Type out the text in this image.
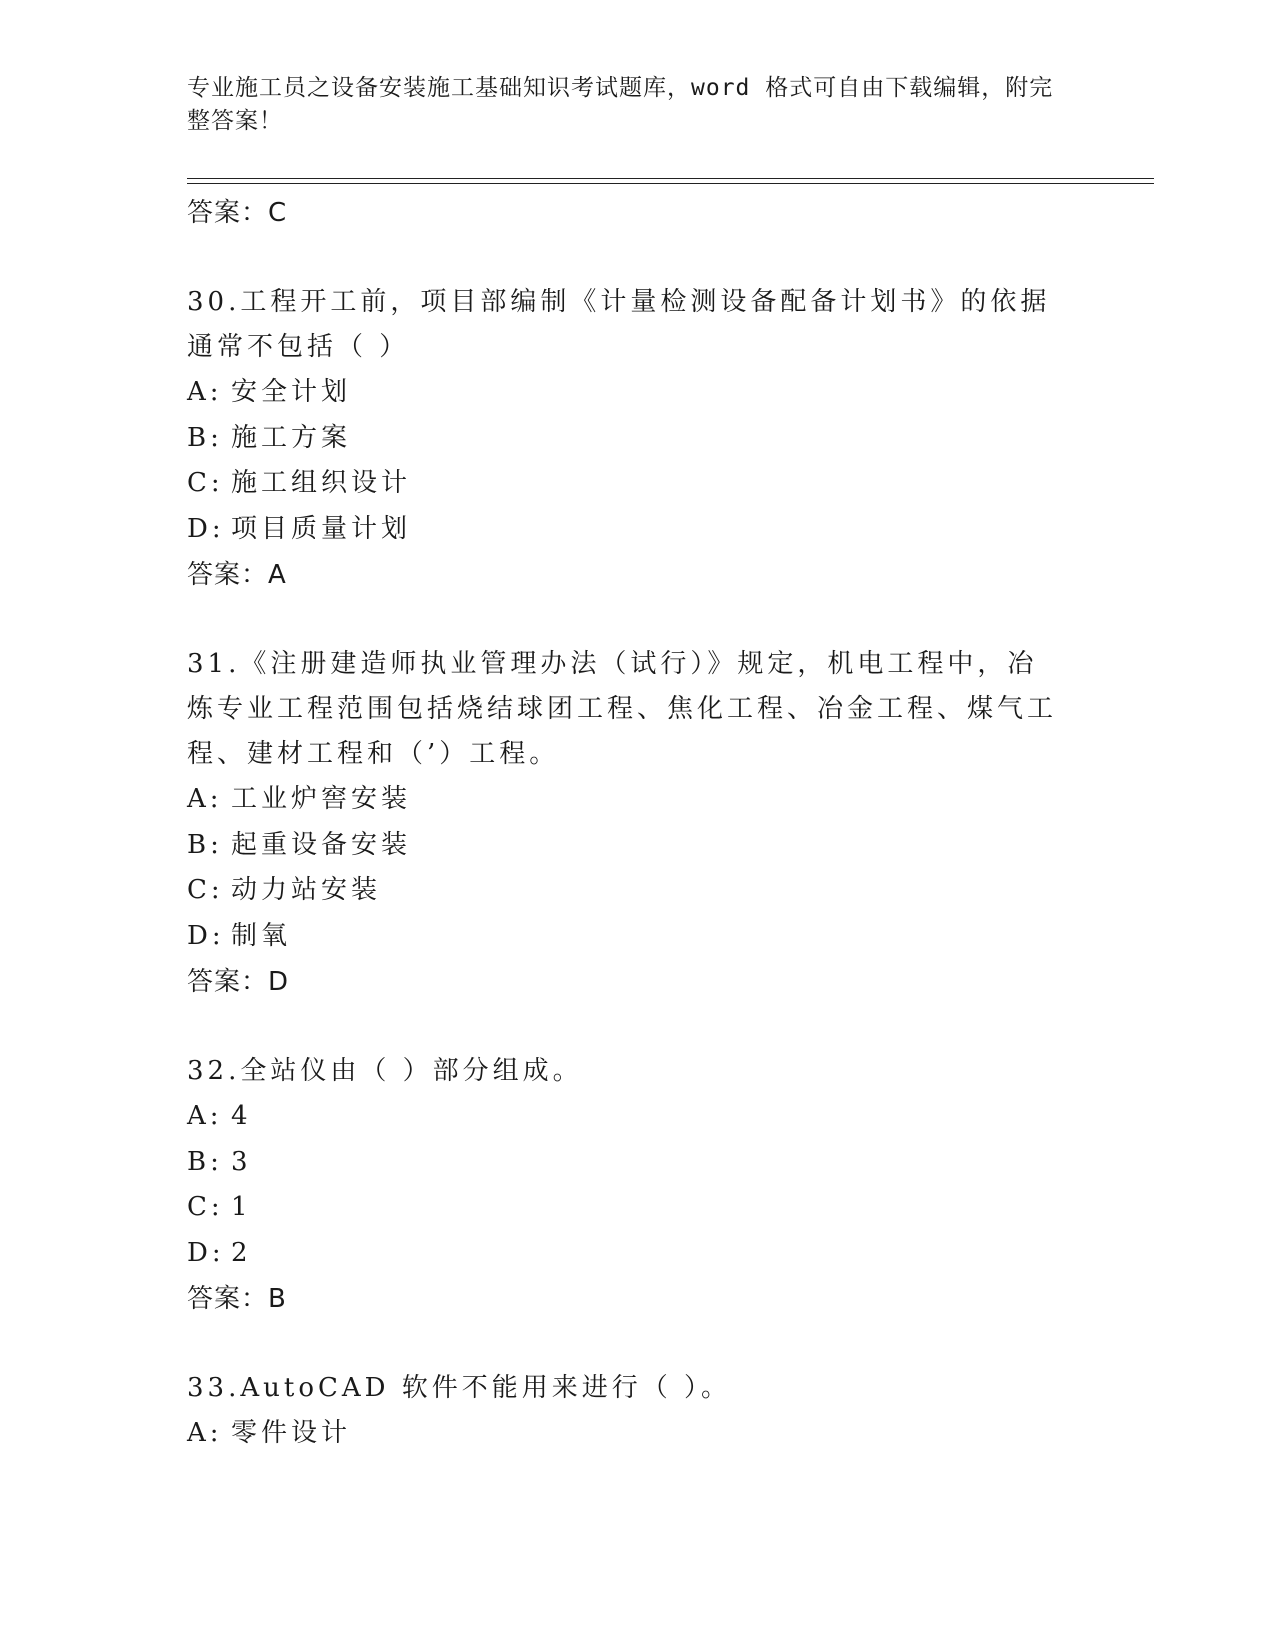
专业施工员之设备安装施工基础知识考试题库，word 格式可自由下载编辑，附完
整答案！

答案：C

30.工程开工前，项目部编制《计量检测设备配备计划书》的依据通常不包括（ ）

A: 安全计划

B: 施工方案

C: 施工组织设计

D: 项目质量计划

答案：A

31.《注册建造师执业管理办法（试行）》规定，机电工程中，冶炼专业工程范围包括烧结球团工程、焦化工程、冶金工程、煤气工程、建材工程和（’）工程。

A: 工业炉窖安装

B: 起重设备安装

C: 动力站安装

D: 制氧

答案：D

32.全站仪由（ ）部分组成。

A: 4

B: 3

C: 1

D: 2

答案：B

33.AutoCAD 软件不能用来进行（ ）。

A: 零件设计
